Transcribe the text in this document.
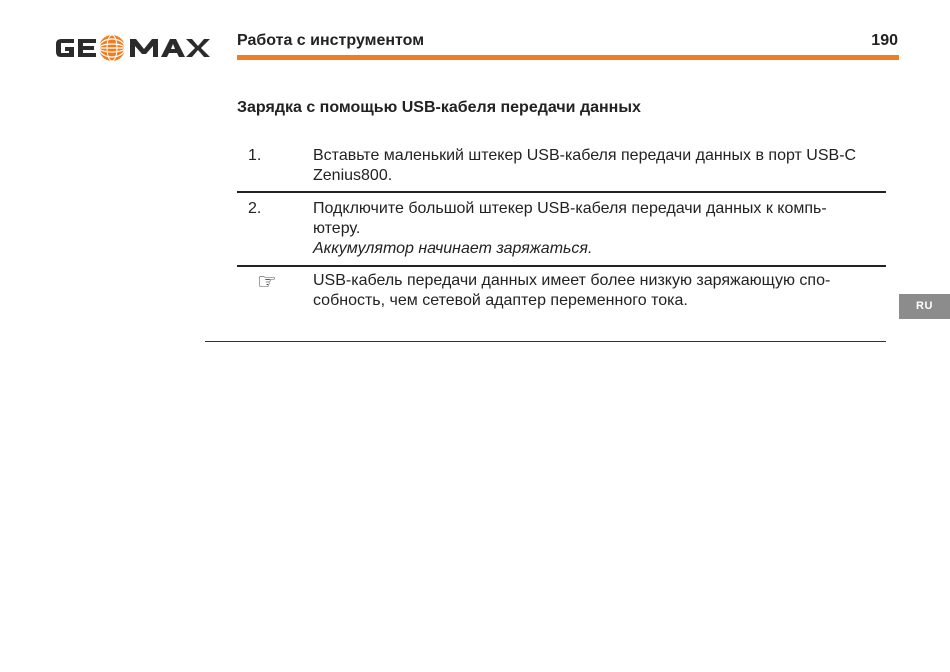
Работа с инструментом	190
Зарядка с помощью USB-кабеля передачи данных
1.	Вставьте маленький штекер USB-кабеля передачи данных в порт USB-C Zenius800.
2.	Подключите большой штекер USB-кабеля передачи данных к компь-ютеру.
Аккумулятор начинает заряжаться.
☞	USB-кабель передачи данных имеет более низкую заряжающую спо-собность, чем сетевой адаптер переменного тока.	RU
